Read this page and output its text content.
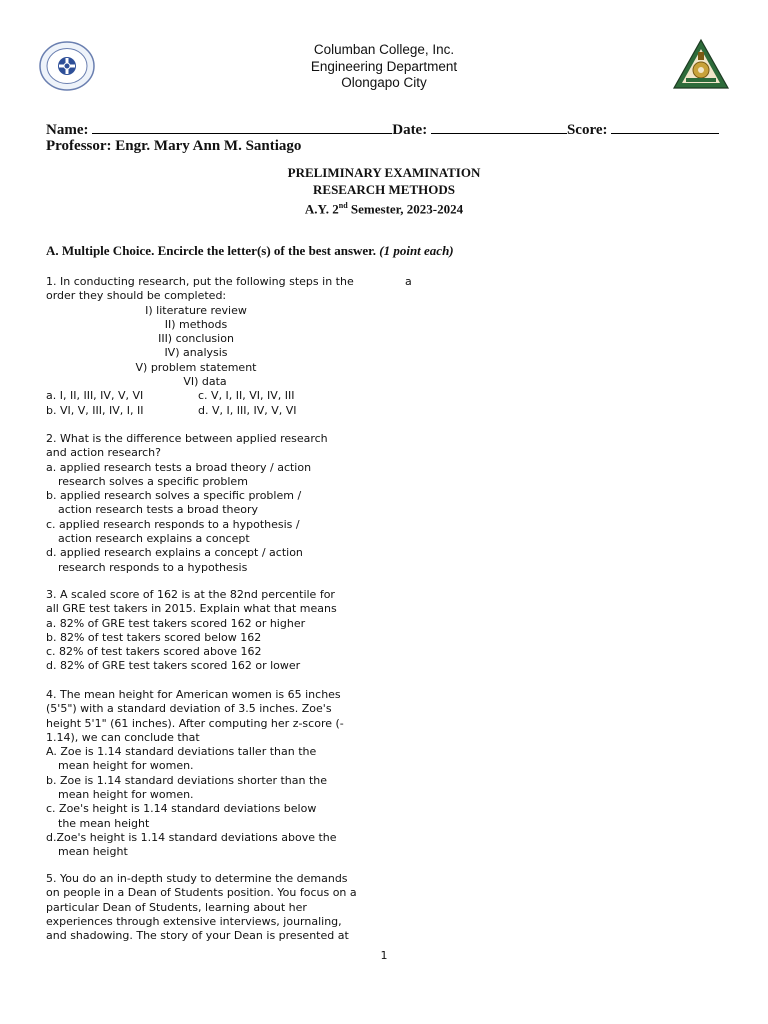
Columban College, Inc.
Engineering Department
Olongapo City
Name:	Date:	Score:
Professor: Engr. Mary Ann M. Santiago
PRELIMINARY EXAMINATION
RESEARCH METHODS
A.Y. 2nd Semester, 2023-2024
A. Multiple Choice. Encircle the letter(s) of the best answer. (1 point each)
a
1. In conducting research, put the following steps in the
order they should be completed:
I) literature review
II) methods
III) conclusion
IV) analysis
V) problem statement
VI) data
a. I, II, III, IV, V, VI	c. V, I, II, VI, IV, III
b. VI, V, III, IV, I, II	d. V, I, III, IV, V, VI
2. What is the difference between applied research
and action research?
a. applied research tests a broad theory / action
research solves a specific problem
b. applied research solves a specific problem /
action research tests a broad theory
c. applied research responds to a hypothesis /
action research explains a concept
d. applied research explains a concept / action
research responds to a hypothesis
3. A scaled score of 162 is at the 82nd percentile for
all GRE test takers in 2015. Explain what that means
a. 82% of GRE test takers scored 162 or higher
b. 82% of test takers scored below 162
c. 82% of test takers scored above 162
d. 82% of GRE test takers scored 162 or lower
4. The mean height for American women is 65 inches
(5'5") with a standard deviation of 3.5 inches. Zoe's
height 5'1" (61 inches). After computing her z-score (-
1.14), we can conclude that
A. Zoe is 1.14 standard deviations taller than the
mean height for women.
b. Zoe is 1.14 standard deviations shorter than the
mean height for women.
c. Zoe's height is 1.14 standard deviations below
the mean height
d.Zoe's height is 1.14 standard deviations above the
mean height
5. You do an in-depth study to determine the demands
on people in a Dean of Students position. You focus on a
particular Dean of Students, learning about her
experiences through extensive interviews, journaling,
and shadowing. The story of your Dean is presented at
1
